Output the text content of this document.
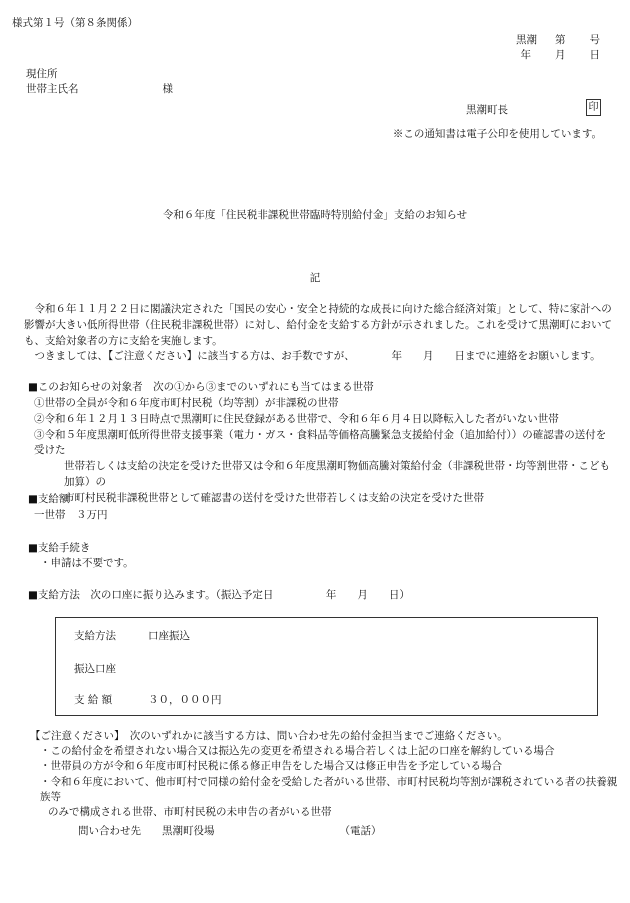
様式第１号（第８条関係）
黒潮 第 号
年 月 日
現住所
世帯主氏名	様
黒潮町長	印
※この通知書は電子公印を使用しています。
令和６年度「住民税非課税世帯臨時特別給付金」支給のお知らせ
記

令和６年１１月２２日に閣議決定された「国民の安心・安全と持続的な成長に向けた総合経済対策」として、特に家計への影響が大きい低所得世帯（住民税非課税世帯）に対し、給付金を支給する方針が示されました。これを受けて黒潮町においても、支給対象者の方に支給を実施します。

つきましては、【ご注意ください】に該当する方は、お手数ですが、　　　　年　　月　　日までに連絡をお願いします。

■このお知らせの対象者　次の①から③までのいずれにも当てはまる世帯
①世帯の全員が令和６年度市町村民税（均等割）が非課税の世帯
②令和６年１２月１３日時点で黒潮町に住民登録がある世帯で、令和６年６月４日以降転入した者がいない世帯
③令和５年度黒潮町低所得世帯支援事業（電力・ガス・食料品等価格高騰緊急支援給付金（追加給付））の確認書の送付を受けた
世帯若しくは支給の決定を受けた世帯又は令和６年度黒潮町物価高騰対策給付金（非課税世帯・均等割世帯・こども加算）の
市町村民税非課税世帯として確認書の送付を受けた世帯若しくは支給の決定を受けた世帯
■支給額
一世帯　３万円
■支給手続き
・申請は不要です。
■支給方法　次の口座に振り込みます。（振込予定日　　　　　年　　月　　日）
支給方法	口座振込
振込口座
支 給 額	３０，０００円
【ご注意ください】　次のいずれかに該当する方は、問い合わせ先の給付金担当までご連絡ください。
・この給付金を希望されない場合又は振込先の変更を希望される場合若しくは上記の口座を解約している場合
・世帯員の方が令和６年度市町村民税に係る修正申告をした場合又は修正申告を予定している場合
・令和６年度において、他市町村で同様の給付金を受給した者がいる世帯、市町村民税均等割が課税されている者の扶養親族等
のみで構成される世帯、市町村民税の未申告の者がいる世帯
問い合わせ先　　黒潮町役場	（電話）
